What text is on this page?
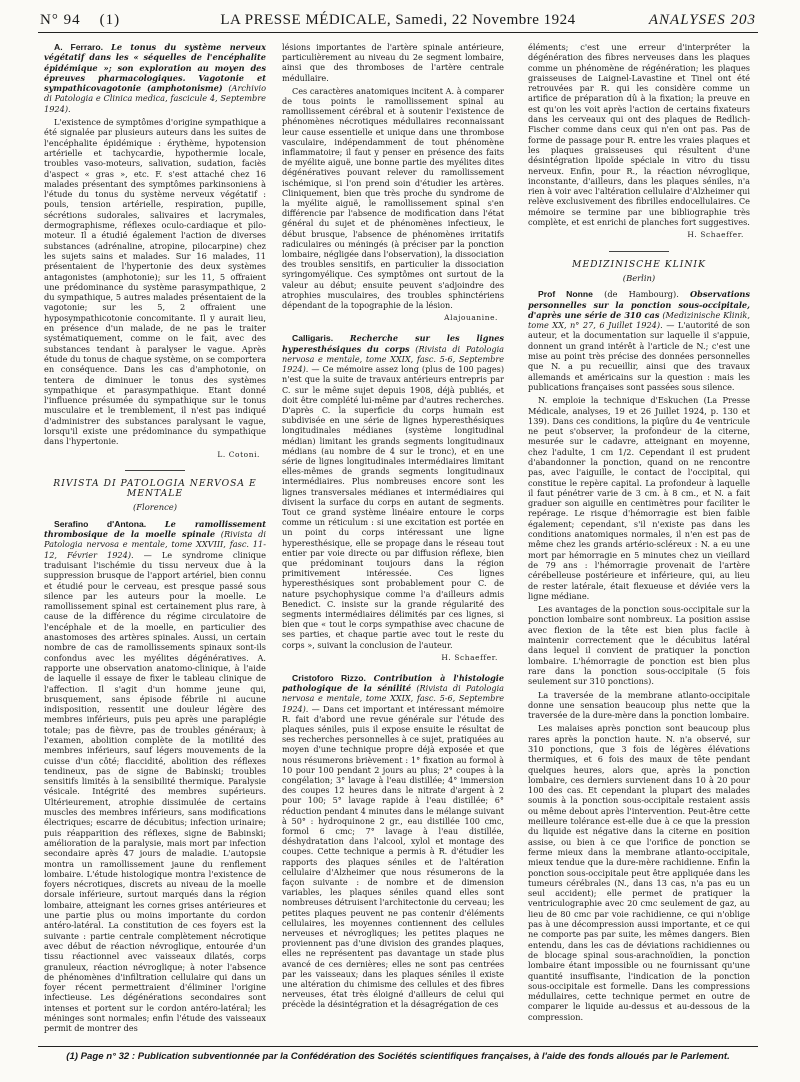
N° 94 (1)	LA PRESSE MÉDICALE, Samedi, 22 Novembre 1924	ANALYSES 203

A. Ferraro. Le tonus du système nerveux végétatif dans les « séquelles de l'encéphalite épidémique »; son exploration au moyen des épreuves pharmacologiques. Vagotonie et sympathicovagotonie (amphotonisme) (Archivio di Patologia e Clinica medica, fascicule 4, Septembre 1924).

L'existence de symptômes d'origine sympathique a été signalée par plusieurs auteurs dans les suites de l'encéphalite épidémique : érythème, hypotension artérielle et tachycardie, hypothermie locale, troubles vaso-moteurs, salivation, sudation, faciès d'aspect « gras », etc. F. s'est attaché chez 16 malades présentant des symptômes parkinsoniens à l'étude du tonus du système nerveux végétatif : pouls, tension artérielle, respiration, pupille, sécrétions sudorales, salivaires et lacrymales, dermographisme, réflexes oculo-cardiaque et pilo-moteur. Il a étudié également l'action de diverses substances (adrénaline, atropine, pilocarpine) chez les sujets sains et malades. Sur 16 malades, 11 présentaient de l'hypertonie des deux systèmes antagonistes (amphotonie); sur les 11, 5 offraient une prédominance du système parasympathique, 2 du sympathique, 5 autres malades présentaient de la vagotonie; sur les 5, 2 offraient une hyposympathicotonie concomitante. Il y aurait lieu, en présence d'un malade, de ne pas le traiter systématiquement, comme on le fait, avec des substances tendant à paralyser le vague. Après étude du tonus de chaque système, on se comportera en conséquence. Dans les cas d'amphotonie, on tentera de diminuer le tonus des systèmes sympathique et parasympathique. Etant donné l'influence présumée du sympathique sur le tonus musculaire et le tremblement, il n'est pas indiqué d'administrer des substances paralysant le vague, lorsqu'il existe une prédominance du sympathique dans l'hypertonie.

L. Cotoni.

RIVISTA DI PATOLOGIA NERVOSA E MENTALE

(Florence)

Serafino d'Antona. Le ramollissement thrombosique de la moelle spinale (Rivista di Patologia nervosa e mentale, tome XXVIII, fasc. 11-12, Février 1924). — Le syndrome clinique traduisant l'ischémie du tissu nerveux due à la suppression brusque de l'apport artériel, bien connu et étudié pour le cerveau, est presque passé sous silence par les auteurs pour la moelle. Le ramollissement spinal est certainement plus rare, à cause de la différence du régime circulatoire de l'encéphale et de la moelle, en particulier des anastomoses des artères spinales. Aussi, un certain nombre de cas de ramollissements spinaux sont-ils confondus avec les myélites dégénératives. A. rapporte une observation anatomo-clinique, à l'aide de laquelle il essaye de fixer le tableau clinique de l'affection. Il s'agit d'un homme jeune qui, brusquement, sans épisode fébrile ni aucune indisposition, ressentit une douleur légère des membres inférieurs, puis peu après une paraplégie totale; pas de fièvre, pas de troubles généraux; à l'examen, abolition complète de la motilité des membres inférieurs, sauf légers mouvements de la cuisse d'un côté; flaccidité, abolition des réflexes tendineux, pas de signe de Babinski; troubles sensitifs limités à la sensibilité thermique. Paralysie vésicale. Intégrité des membres supérieurs. Ultérieurement, atrophie dissimulée de certains muscles des membres inférieurs, sans modifications électriques; escarre de décubitus; infection urinaire; puis réapparition des réflexes, signe de Babinski; amélioration de la paralysie, mais mort par infection secondaire après 47 jours de maladie. L'autopsie montra un ramollissement jaune du renflement lombaire. L'étude histologique montra l'existence de foyers nécrotiques, discrets au niveau de la moelle dorsale inférieure, surtout marqués dans la région lombaire, atteignant les cornes grises antérieures et une partie plus ou moins importante du cordon antéro-latéral. La constitution de ces foyers est la suivante : partie centrale complètement nécrotique avec début de réaction névroglique, entourée d'un tissu réactionnel avec vaisseaux dilatés, corps granuleux, réaction névroglique; à noter l'absence de phénomènes d'infiltration cellulaire qui dans un foyer récent permettraient d'éliminer l'origine infectieuse. Les dégénérations secondaires sont intenses et portent sur le cordon antéro-latéral; les méninges sont normales; enfin l'étude des vaisseaux permit de montrer des

lésions importantes de l'artère spinale antérieure, particulièrement au niveau du 2e segment lombaire, ainsi que des thromboses de l'artère centrale médullaire.

Ces caractères anatomiques incitent A. à comparer de tous points le ramollissement spinal au ramollissement cérébral et à soutenir l'existence de phénomènes nécrotiques médullaires reconnaissant leur cause essentielle et unique dans une thrombose vasculaire, indépendamment de tout phénomène inflammatoire; il faut y penser en présence des faits de myélite aiguë, une bonne partie des myélites dites dégénératives pouvant relever du ramollissement ischémique, si l'on prend soin d'étudier les artères. Cliniquement, bien que très proche du syndrome de la myélite aiguë, le ramollissement spinal s'en différencie par l'absence de modification dans l'état général du sujet et de phénomènes infectieux, le début brusque, l'absence de phénomènes irritatifs radiculaires ou méningés (à préciser par la ponction lombaire, négligée dans l'observation), la dissociation des troubles sensitifs, en particulier la dissociation syringomyélique. Ces symptômes ont surtout de la valeur au début; ensuite peuvent s'adjoindre des atrophies musculaires, des troubles sphinctériens dépendant de la topographie de la lésion.

Alajouanine.

Calligaris. Recherche sur les lignes hyperesthésiques du corps (Rivista di Patologia nervosa e mentale, tome XXIX, fasc. 5-6, Septembre 1924). — Ce mémoire assez long (plus de 100 pages) n'est que la suite de travaux antérieurs entrepris par C. sur le même sujet depuis 1908, déjà publiés, et doit être complété lui-même par d'autres recherches. D'après C. la superficie du corps humain est subdivisée en une série de lignes hyperesthésiques longitudinales médianes (système longitudinal médian) limitant les grands segments longitudinaux médians (au nombre de 4 sur le tronc), et en une série de lignes longitudinales intermédiaires limitant elles-mêmes de grands segments longitudinaux intermédiaires. Plus nombreuses encore sont les lignes transversales médianes et intermédiaires qui divisent la surface du corps en autant de segments. Tout ce grand système linéaire entoure le corps comme un réticulum : si une excitation est portée en un point du corps intéressant une ligne hyperesthésique, elle se propage dans le réseau tout entier par voie directe ou par diffusion réflexe, bien que prédominant toujours dans la région primitivement intéressée. Ces lignes hyperesthésiques sont probablement pour C. de nature psychophysique comme l'a d'ailleurs admis Benedict. C. insiste sur la grande régularité des segments intermédiaires délimités par ces lignes, si bien que « tout le corps sympathise avec chacune de ses parties, et chaque partie avec tout le reste du corps », suivant la conclusion de l'auteur.

H. Schaeffer.

Cristoforo Rizzo. Contribution à l'histologie pathologique de la sénilité (Rivista di Patologia nervosa e mentale, tome XXIX, fasc. 5-6, Septembre 1924). — Dans cet important et intéressant mémoire R. fait d'abord une revue générale sur l'étude des plaques séniles, puis il expose ensuite le résultat de ses recherches personnelles à ce sujet, pratiquées au moyen d'une technique propre déjà exposée et que nous résumerons brièvement : 1° fixation au formol à 10 pour 100 pendant 2 jours au plus; 2° coupes à la congélation; 3° lavage à l'eau distillée; 4° immersion des coupes 12 heures dans le nitrate d'argent à 2 pour 100; 5° lavage rapide à l'eau distillée; 6° réduction pendant 4 minutes dans le mélange suivant à 50° : hydroquinone 2 gr., eau distillée 100 cmc, formol 6 cmc; 7° lavage à l'eau distillée, déshydratation dans l'alcool, xylol et montage des coupes. Cette technique a permis à R. d'étudier les rapports des plaques séniles et de l'altération cellulaire d'Alzheimer que nous résumerons de la façon suivante : de nombre et de dimension variables, les plaques séniles quand elles sont nombreuses détruisent l'architectonie du cerveau; les petites plaques peuvent ne pas contenir d'éléments cellulaires, les moyennes contiennent des cellules nerveuses et névrogliques; les petites plaques ne proviennent pas d'une division des grandes plaques, elles ne représentent pas davantage un stade plus avancé de ces dernières; elles ne sont pas centrées par les vaisseaux; dans les plaques séniles il existe une altération du chimisme des cellules et des fibres nerveuses, état très éloigné d'ailleurs de celui qui précède la désintégration et la désagrégation de ces

éléments; c'est une erreur d'interpréter la dégénération des fibres nerveuses dans les plaques comme un phénomène de régénération; les plaques graisseuses de Laignel-Lavastine et Tinel ont été retrouvées par R. qui les considère comme un artifice de préparation dû à la fixation; la preuve en est qu'on les voit après l'action de certains fixateurs dans les cerveaux qui ont des plaques de Redlich-Fischer comme dans ceux qui n'en ont pas. Pas de forme de passage pour R. entre les vraies plaques et les plaques graisseuses qui résultent d'une désintégration lipoïde spéciale in vitro du tissu nerveux. Enfin, pour R., la réaction névroglique, inconstante, d'ailleurs, dans les plaques séniles, n'a rien à voir avec l'altération cellulaire d'Alzheimer qui relève exclusivement des fibrilles endocellulaires. Ce mémoire se termine par une bibliographie très complète, et est enrichi de planches fort suggestives.

H. Schaeffer.

MEDIZINISCHE KLINIK

(Berlin)

Prof Nonne (de Hambourg). Observations personnelles sur la ponction sous-occipitale, d'après une série de 310 cas (Medizinische Klinik, tome XX, n° 27, 6 Juillet 1924). — L'autorité de son auteur, et la documentation sur laquelle il s'appuie, donnent un grand intérêt à l'article de N.; c'est une mise au point très précise des données personnelles que N. a pu recueillir, ainsi que des travaux allemands et américains sur la question : mais les publications françaises sont passées sous silence.

N. emploie la technique d'Eskuchen (La Presse Médicale, analyses, 19 et 26 Juillet 1924, p. 130 et 139). Dans ces conditions, la piqûre du 4e ventricule ne peut s'observer, la profondeur de la citerne, mesurée sur le cadavre, atteignant en moyenne, chez l'adulte, 1 cm 1/2. Cependant il est prudent d'abandonner la ponction, quand on ne rencontre pas, avec l'aiguille, le contact de l'occipital, qui constitue le repère capital. La profondeur à laquelle il faut pénétrer varie de 3 cm. à 8 cm., et N. a fait graduer son aiguille en centimètres pour faciliter le repérage. Le risque d'hémorragie est bien faible également; cependant, s'il n'existe pas dans les conditions anatomiques normales, il n'en est pas de même chez les grands artério-scléreux : N. a eu une mort par hémorragie en 5 minutes chez un vieillard de 79 ans : l'hémorragie provenait de l'artère cérébelleuse postérieure et inférieure, qui, au lieu de rester latérale, était flexueuse et déviée vers la ligne médiane.

Les avantages de la ponction sous-occipitale sur la ponction lombaire sont nombreux. La position assise avec flexion de la tête est bien plus facile à maintenir correctement que le décubitus latéral dans lequel il convient de pratiquer la ponction lombaire. L'hémorragie de ponction est bien plus rare dans la ponction sous-occipitale (5 fois seulement sur 310 ponctions).

La traversée de la membrane atlanto-occipitale donne une sensation beaucoup plus nette que la traversée de la dure-mère dans la ponction lombaire.

Les malaises après ponction sont beaucoup plus rares après la ponction haute. N. n'a observé, sur 310 ponctions, que 3 fois de légères élévations thermiques, et 6 fois des maux de tête pendant quelques heures, alors que, après la ponction lombaire, ces derniers survienent dans 10 à 20 pour 100 des cas. Et cependant la plupart des malades soumis à la ponction sous-occipitale restaient assis ou même debout après l'intervention. Peut-être cette meilleure tolérance est-elle due à ce que la pression du liquide est négative dans la citerne en position assise, ou bien à ce que l'orifice de ponction se ferme mieux dans la membrane atlanto-occipitale, mieux tendue que la dure-mère rachidienne. Enfin la ponction sous-occipitale peut être appliquée dans les tumeurs cérébrales (N., dans 13 cas, n'a pas eu un seul accident); elle permet de pratiquer la ventriculographie avec 20 cmc seulement de gaz, au lieu de 80 cmc par voie rachidienne, ce qui n'oblige pas à une décompression aussi importante, et ce qui ne comporte pas par suite, les mêmes dangers. Bien entendu, dans les cas de déviations rachidiennes ou de blocage spinal sous-arachnoïdien, la ponction lombaire étant impossible ou ne fournissant qu'une quantité insuffisante, l'indication de la ponction sous-occipitale est formelle. Dans les compressions médullaires, cette technique permet en outre de comparer le liquide au-dessus et au-dessous de la compression.

(1) Page n° 32 : Publication subventionnée par la Confédération des Sociétés scientifiques françaises, à l'aide des fonds alloués par le Parlement.
